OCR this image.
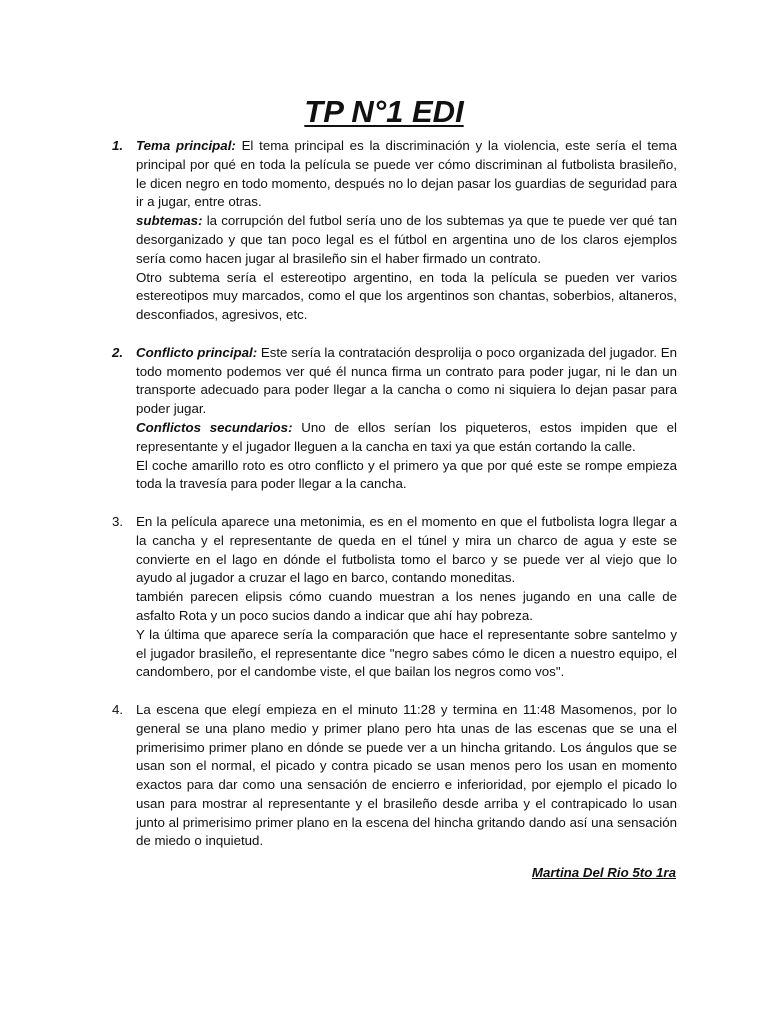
TP N°1 EDI
1. Tema principal: El tema principal es la discriminación y la violencia, este sería el tema principal por qué en toda la película se puede ver cómo discriminan al futbolista brasileño, le dicen negro en todo momento, después no lo dejan pasar los guardias de seguridad para ir a jugar, entre otras.

subtemas: la corrupción del futbol sería uno de los subtemas ya que te puede ver qué tan desorganizado y que tan poco legal es el fútbol en argentina uno de los claros ejemplos sería como hacen jugar al brasileño sin el haber firmado un contrato.

Otro subtema sería el estereotipo argentino, en toda la película se pueden ver varios estereotipos muy marcados, como el que los argentinos son chantas, soberbios, altaneros, desconfiados, agresivos, etc.

2. Conflicto principal: Este sería la contratación desprolija o poco organizada del jugador. En todo momento podemos ver qué él nunca firma un contrato para poder jugar, ni le dan un transporte adecuado para poder llegar a la cancha o como ni siquiera lo dejan pasar para poder jugar.

Conflictos secundarios: Uno de ellos serían los piqueteros, estos impiden que el representante y el jugador lleguen a la cancha en taxi ya que están cortando la calle.

El coche amarillo roto es otro conflicto y el primero ya que por qué este se rompe empieza toda la travesía para poder llegar a la cancha.

3. En la película aparece una metonimia, es en el momento en que el futbolista logra llegar a la cancha y el representante de queda en el túnel y mira un charco de agua y este se convierte en el lago en dónde el futbolista tomo el barco y se puede ver al viejo que lo ayudo al jugador a cruzar el lago en barco, contando moneditas.

también parecen elipsis cómo cuando muestran a los nenes jugando en una calle de asfalto Rota y un poco sucios dando a indicar que ahí hay pobreza.

Y la última que aparece sería la comparación que hace el representante sobre santelmo y el jugador brasileño, el representante dice "negro sabes cómo le dicen a nuestro equipo, el candombero, por el candombe viste, el que bailan los negros como vos".

4. La escena que elegí empieza en el minuto 11:28 y termina en 11:48 Masomenos, por lo general se una plano medio y primer plano pero hta unas de las escenas que se una el primerisimo primer plano en dónde se puede ver a un hincha gritando. Los ángulos que se usan son el normal, el picado y contra picado se usan menos pero los usan en momento exactos para dar como una sensación de encierro e inferioridad, por ejemplo el picado lo usan para mostrar al representante y el brasileño desde arriba y el contrapicado lo usan junto al primerisimo primer plano en la escena del hincha gritando dando así una sensación de miedo o inquietud.

Martina Del Rio 5to 1ra
